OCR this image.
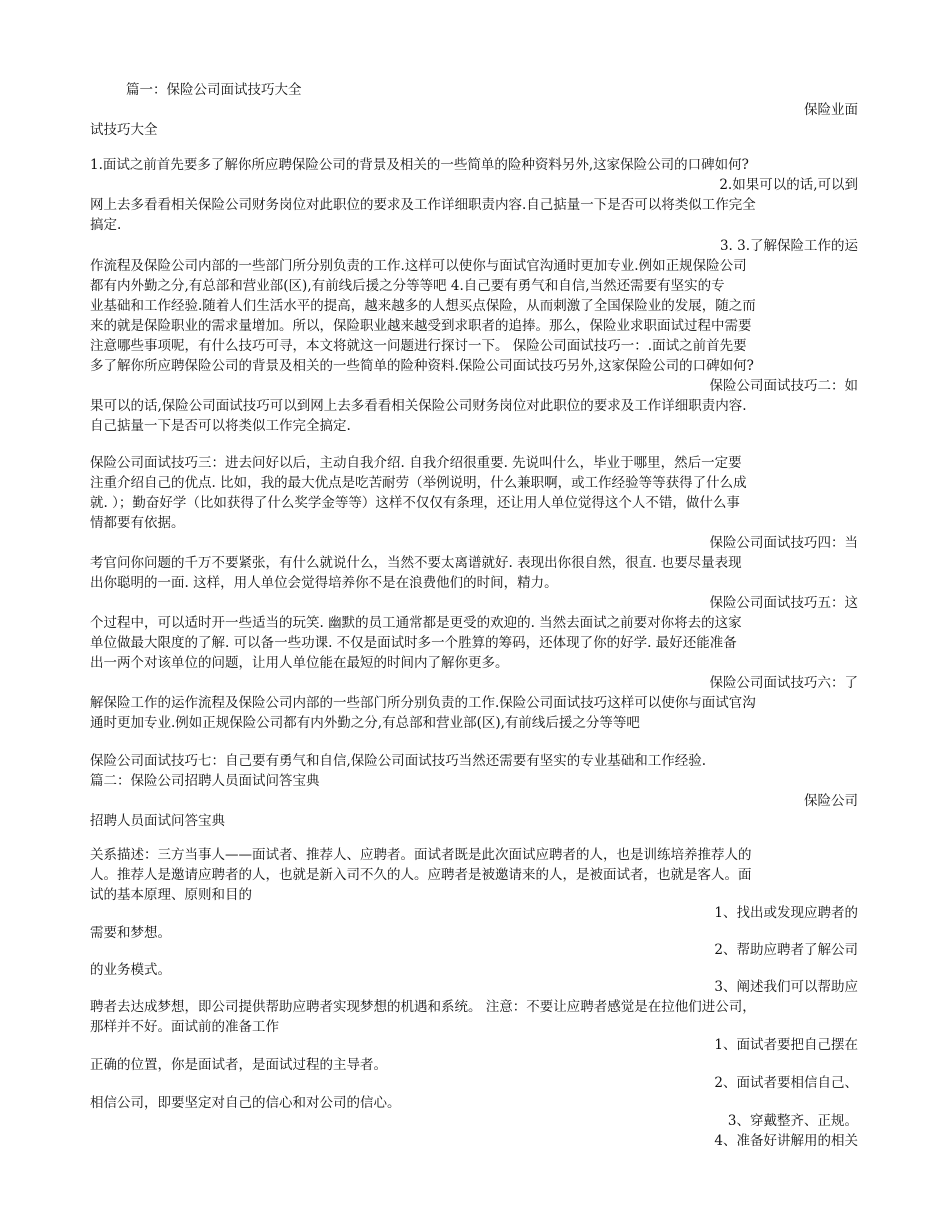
篇一：保险公司面试技巧大全
保险业面
试技巧大全
1.面试之前首先要多了解你所应聘保险公司的背景及相关的一些简单的险种资料另外,这家保险公司的口碑如何?
2.如果可以的话,可以到
网上去多看看相关保险公司财务岗位对此职位的要求及工作详细职责内容.自己掂量一下是否可以将类似工作完全
搞定.
3. 3.了解保险工作的运
作流程及保险公司内部的一些部门所分别负责的工作.这样可以使你与面试官沟通时更加专业.例如正规保险公司
都有内外勤之分,有总部和营业部(区),有前线后援之分等等吧 4.自己要有勇气和自信,当然还需要有坚实的专
业基础和工作经验.随着人们生活水平的提高，越来越多的人想买点保险，从而刺激了全国保险业的发展，随之而
来的就是保险职业的需求量增加。所以，保险职业越来越受到求职者的追捧。那么，保险业求职面试过程中需要
注意哪些事项呢，有什么技巧可寻，本文将就这一问题进行探讨一下。 保险公司面试技巧一：.面试之前首先要
多了解你所应聘保险公司的背景及相关的一些简单的险种资料.保险公司面试技巧另外,这家保险公司的口碑如何?
保险公司面试技巧二：如
果可以的话,保险公司面试技巧可以到网上去多看看相关保险公司财务岗位对此职位的要求及工作详细职责内容.
自己掂量一下是否可以将类似工作完全搞定.
保险公司面试技巧三：进去问好以后，主动自我介绍. 自我介绍很重要. 先说叫什么，毕业于哪里，然后一定要
注重介绍自己的优点. 比如，我的最大优点是吃苦耐劳（举例说明，什么兼职啊，或工作经验等等获得了什么成
就. ）；勤奋好学（比如获得了什么奖学金等等）这样不仅仅有条理，还让用人单位觉得这个人不错，做什么事
情都要有依据。
保险公司面试技巧四：当
考官问你问题的千万不要紧张，有什么就说什么，当然不要太离谱就好. 表现出你很自然，很直. 也要尽量表现
出你聪明的一面. 这样，用人单位会觉得培养你不是在浪费他们的时间，精力。
保险公司面试技巧五：这
个过程中，可以适时开一些适当的玩笑. 幽默的员工通常都是更受的欢迎的. 当然去面试之前要对你将去的这家
单位做最大限度的了解. 可以备一些功课. 不仅是面试时多一个胜算的筹码，还体现了你的好学. 最好还能准备
出一两个对该单位的问题，让用人单位能在最短的时间内了解你更多。
保险公司面试技巧六：了
解保险工作的运作流程及保险公司内部的一些部门所分别负责的工作.保险公司面试技巧这样可以使你与面试官沟
通时更加专业.例如正规保险公司都有内外勤之分,有总部和营业部(区),有前线后援之分等等吧
保险公司面试技巧七：自己要有勇气和自信,保险公司面试技巧当然还需要有坚实的专业基础和工作经验.
篇二：保险公司招聘人员面试问答宝典
保险公司
招聘人员面试问答宝典
关系描述：三方当事人——面试者、推荐人、应聘者。面试者既是此次面试应聘者的人，也是训练培养推荐人的
人。推荐人是邀请应聘者的人，也就是新入司不久的人。应聘者是被邀请来的人，是被面试者，也就是客人。面
试的基本原理、原则和目的
1、找出或发现应聘者的
需要和梦想。
2、帮助应聘者了解公司
的业务模式。
3、阐述我们可以帮助应
聘者去达成梦想，即公司提供帮助应聘者实现梦想的机遇和系统。 注意：不要让应聘者感觉是在拉他们进公司，
那样并不好。面试前的准备工作
1、面试者要把自己摆在
正确的位置，你是面试者，是面试过程的主导者。
2、面试者要相信自己、
相信公司，即要坚定对自己的信心和对公司的信心。
3、穿戴整齐、正规。
4、准备好讲解用的相关
